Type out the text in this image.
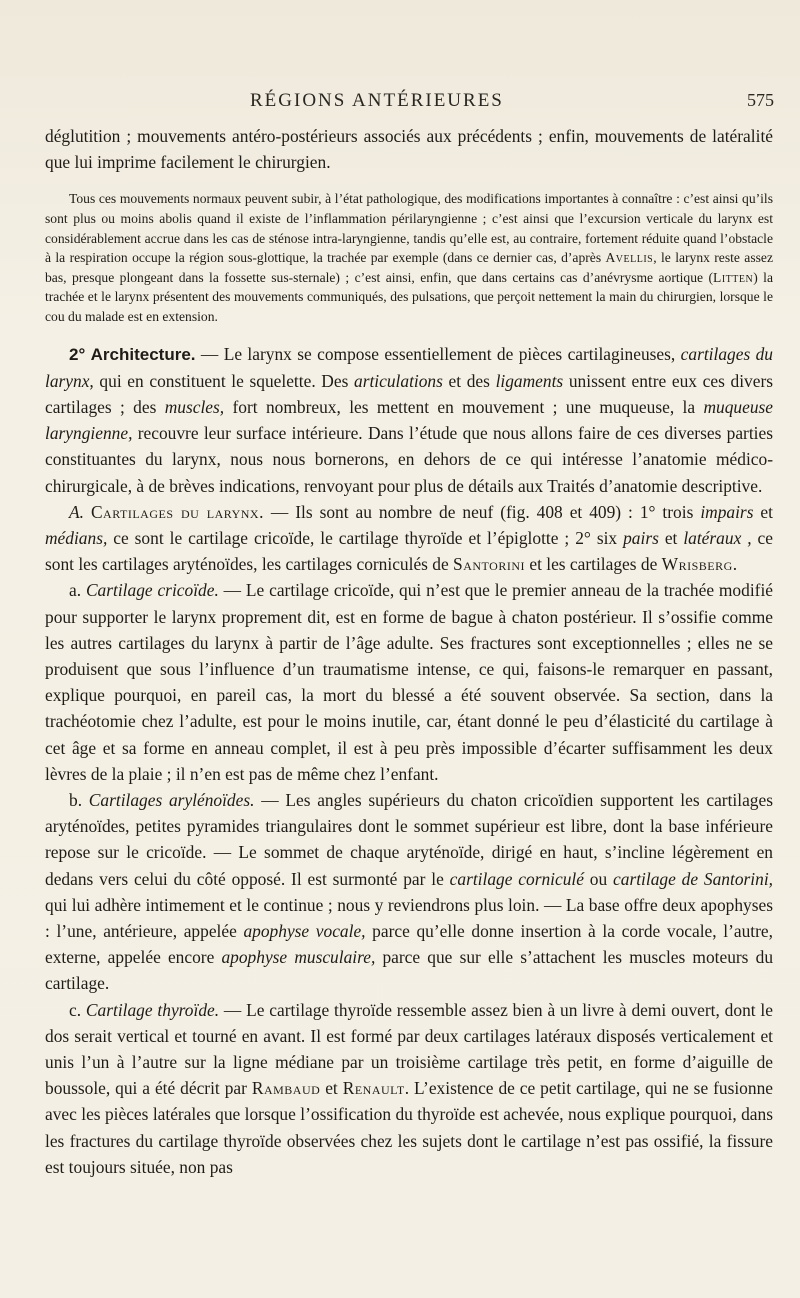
RÉGIONS ANTÉRIEURES	575

déglutition ; mouvements antéro-postérieurs associés aux précédents ; enfin, mouvements de latéralité que lui imprime facilement le chirurgien.

Tous ces mouvements normaux peuvent subir, à l’état pathologique, des modifications importantes à connaître : c’est ainsi qu’ils sont plus ou moins abolis quand il existe de l’inflammation périlaryngienne ; c’est ainsi que l’excursion verticale du larynx est considérablement accrue dans les cas de sténose intra-laryngienne, tandis qu’elle est, au contraire, fortement réduite quand l’obstacle à la respiration occupe la région sous-glottique, la trachée par exemple (dans ce dernier cas, d’après Avellis, le larynx reste assez bas, presque plongeant dans la fossette sus-sternale) ; c’est ainsi, enfin, que dans certains cas d’anévrysme aortique (Litten) la trachée et le larynx présentent des mouvements communiqués, des pulsations, que perçoit nettement la main du chirurgien, lorsque le cou du malade est en extension.

2° Architecture. — Le larynx se compose essentiellement de pièces cartilagineuses, cartilages du larynx, qui en constituent le squelette. Des articulations et des ligaments unissent entre eux ces divers cartilages ; des muscles, fort nombreux, les mettent en mouvement ; une muqueuse, la muqueuse laryngienne, recouvre leur surface intérieure. Dans l’étude que nous allons faire de ces diverses parties constituantes du larynx, nous nous bornerons, en dehors de ce qui intéresse l’anatomie médico-chirurgicale, à de brèves indications, renvoyant pour plus de détails aux Traités d’anatomie descriptive.

A. Cartilages du larynx. — Ils sont au nombre de neuf (fig. 408 et 409) : 1° trois impairs et médians, ce sont le cartilage cricoïde, le cartilage thyroïde et l’épiglotte ; 2° six pairs et latéraux , ce sont les cartilages aryténoïdes, les cartilages corniculés de Santorini et les cartilages de Wrisberg.

a. Cartilage cricoïde. — Le cartilage cricoïde, qui n’est que le premier anneau de la trachée modifié pour supporter le larynx proprement dit, est en forme de bague à chaton postérieur. Il s’ossifie comme les autres cartilages du larynx à partir de l’âge adulte. Ses fractures sont exceptionnelles ; elles ne se produisent que sous l’influence d’un traumatisme intense, ce qui, faisons-le remarquer en passant, explique pourquoi, en pareil cas, la mort du blessé a été souvent observée. Sa section, dans la trachéotomie chez l’adulte, est pour le moins inutile, car, étant donné le peu d’élasticité du cartilage à cet âge et sa forme en anneau complet, il est à peu près impossible d’écarter suffisamment les deux lèvres de la plaie ; il n’en est pas de même chez l’enfant.

b. Cartilages arylénoïdes. — Les angles supérieurs du chaton cricoïdien supportent les cartilages aryténoïdes, petites pyramides triangulaires dont le sommet supérieur est libre, dont la base inférieure repose sur le cricoïde. — Le sommet de chaque aryténoïde, dirigé en haut, s’incline légèrement en dedans vers celui du côté opposé. Il est surmonté par le cartilage corniculé ou cartilage de Santorini, qui lui adhère intimement et le continue ; nous y reviendrons plus loin. — La base offre deux apophyses : l’une, antérieure, appelée apophyse vocale, parce qu’elle donne insertion à la corde vocale, l’autre, externe, appelée encore apophyse musculaire, parce que sur elle s’attachent les muscles moteurs du cartilage.

c. Cartilage thyroïde. — Le cartilage thyroïde ressemble assez bien à un livre à demi ouvert, dont le dos serait vertical et tourné en avant. Il est formé par deux cartilages latéraux disposés verticalement et unis l’un à l’autre sur la ligne médiane par un troisième cartilage très petit, en forme d’aiguille de boussole, qui a été décrit par Rambaud et Renault. L’existence de ce petit cartilage, qui ne se fusionne avec les pièces latérales que lorsque l’ossification du thyroïde est achevée, nous explique pourquoi, dans les fractures du cartilage thyroïde observées chez les sujets dont le cartilage n’est pas ossifié, la fissure est toujours située, non pas
